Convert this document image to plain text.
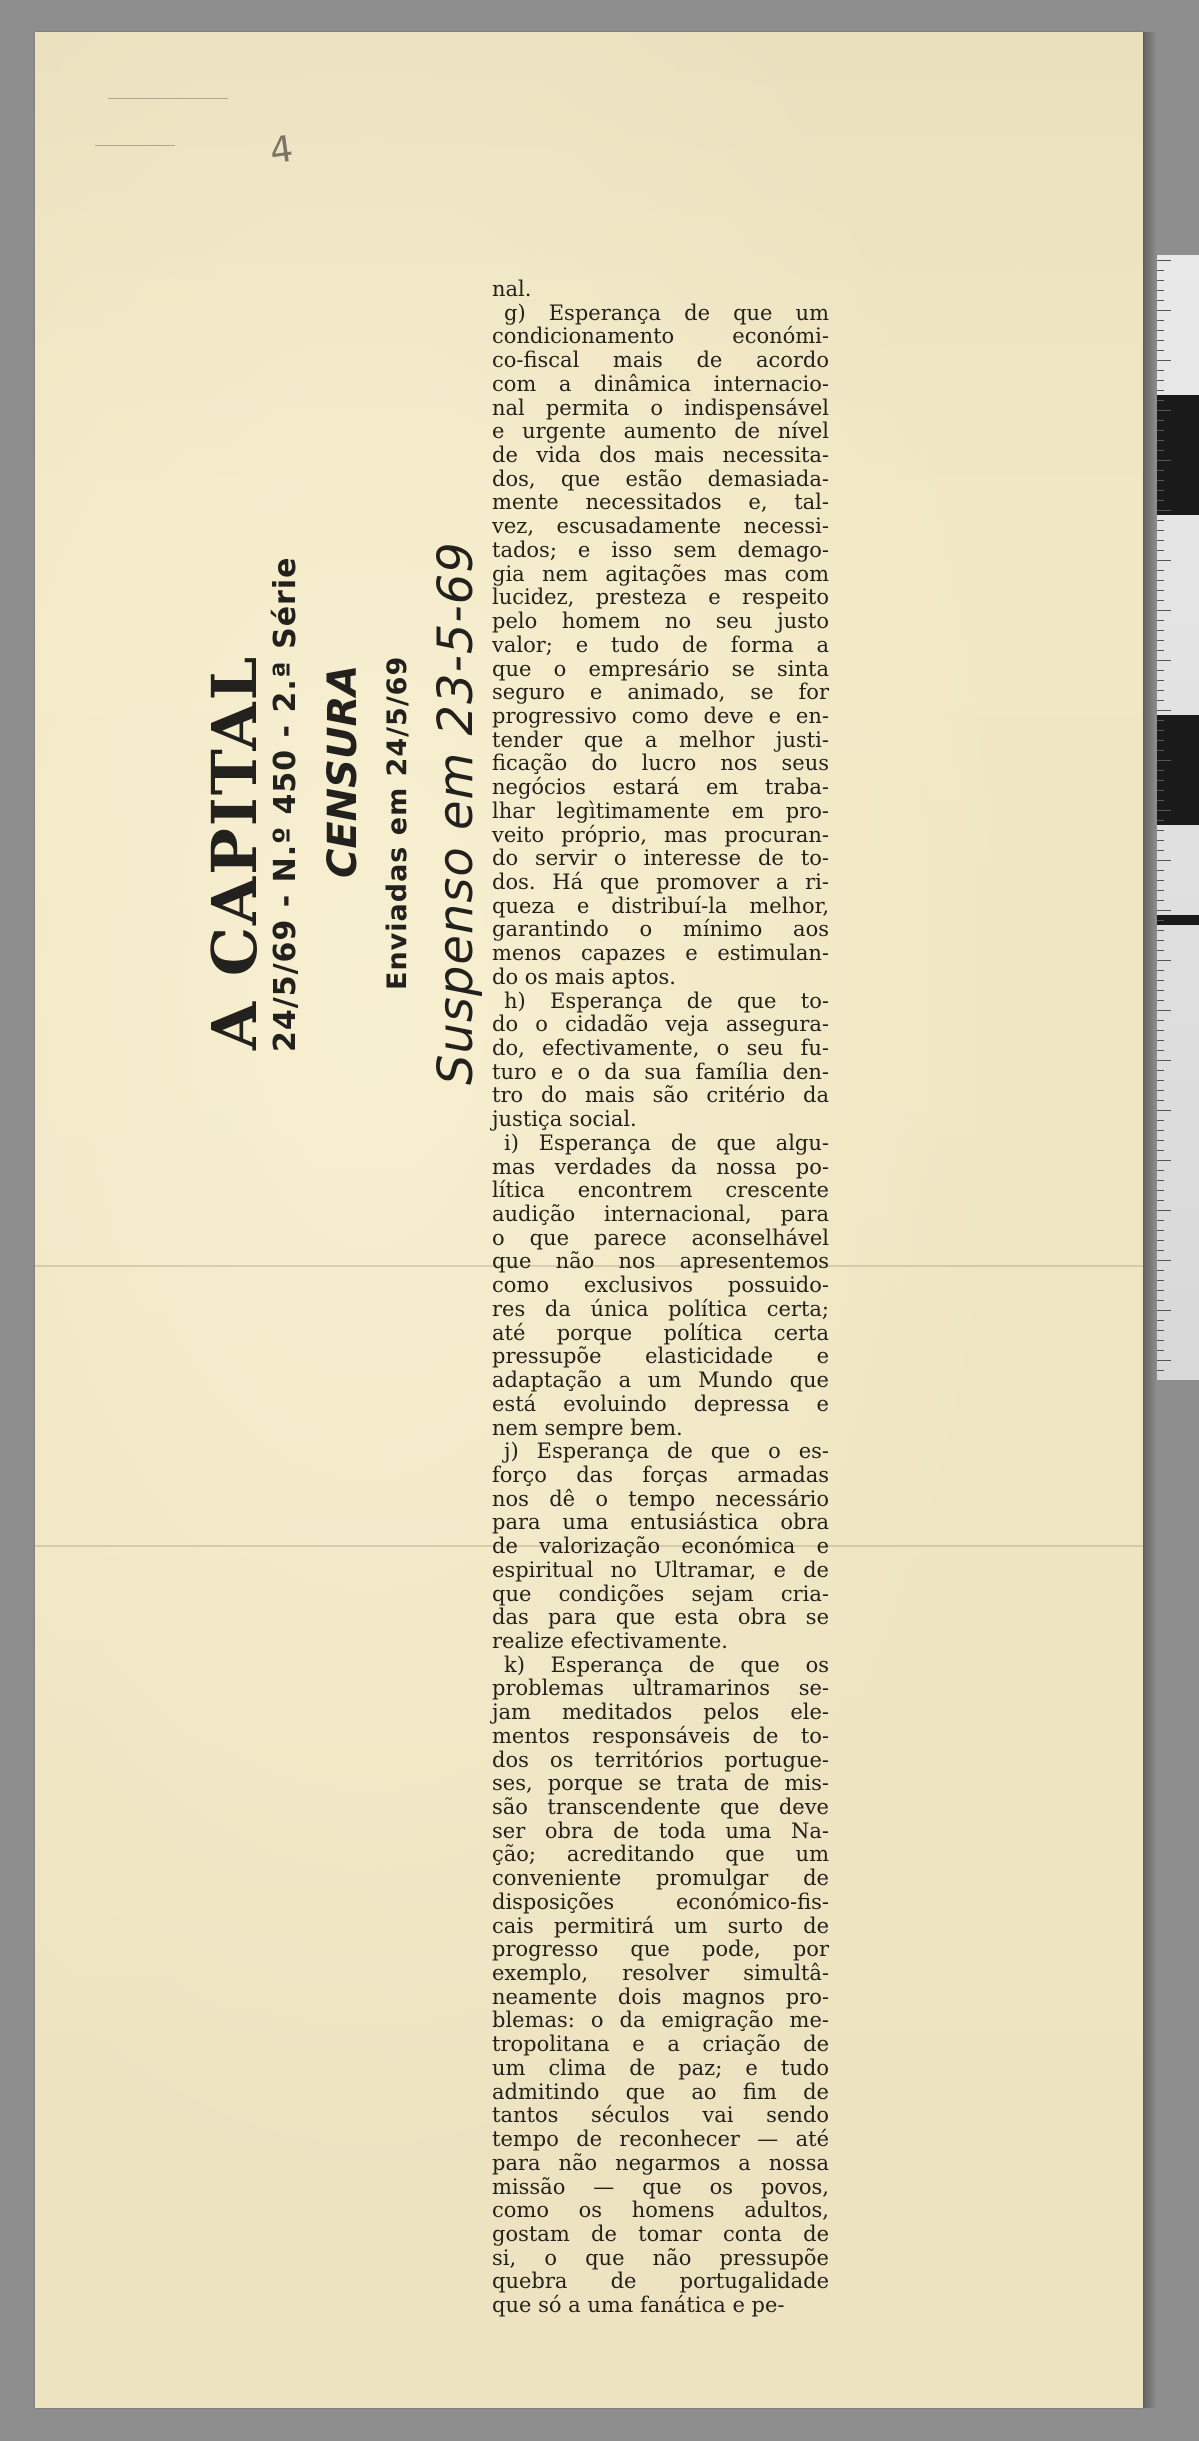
4
A CAPITAL
24/5/69 - N.º 450 - 2.ª Série CENSURA Enviadas em 24/5/69 Suspenso em 23-5-69
nal.
g) Esperança de que um
condicionamento económi-
co-fiscal mais de acordo
com a dinâmica internacio-
nal permita o indispensável
e urgente aumento de nível
de vida dos mais necessita-
dos, que estão demasiada-
mente necessitados e, tal-
vez, escusadamente necessi-
tados; e isso sem demago-
gia nem agitações mas com
lucidez, presteza e respeito
pelo homem no seu justo
valor; e tudo de forma a
que o empresário se sinta
seguro e animado, se for
progressivo como deve e en-
tender que a melhor justi-
ficação do lucro nos seus
negócios estará em traba-
lhar legìtimamente em pro-
veito próprio, mas procuran-
do servir o interesse de to-
dos. Há que promover a ri-
queza e distribuí-la melhor,
garantindo o mínimo aos
menos capazes e estimulan-
do os mais aptos.
h) Esperança de que to-
do o cidadão veja assegura-
do, efectivamente, o seu fu-
turo e o da sua família den-
tro do mais são critério da
justiça social.
i) Esperança de que algu-
mas verdades da nossa po-
lítica encontrem crescente
audição internacional, para
o que parece aconselhável
que não nos apresentemos
como exclusivos possuido-
res da única política certa;
até porque política certa
pressupõe elasticidade e
adaptação a um Mundo que
está evoluindo depressa e
nem sempre bem.
j) Esperança de que o es-
forço das forças armadas
nos dê o tempo necessário
para uma entusiástica obra
de valorização económica e
espiritual no Ultramar, e de
que condições sejam cria-
das para que esta obra se
realize efectivamente.
k) Esperança de que os
problemas ultramarinos se-
jam meditados pelos ele-
mentos responsáveis de to-
dos os territórios portugue-
ses, porque se trata de mis-
são transcendente que deve
ser obra de toda uma Na-
ção; acreditando que um
conveniente promulgar de
disposições económico-fis-
cais permitirá um surto de
progresso que pode, por
exemplo, resolver simultâ-
neamente dois magnos pro-
blemas: o da emigração me-
tropolitana e a criação de
um clima de paz; e tudo
admitindo que ao fim de
tantos séculos vai sendo
tempo de reconhecer — até
para não negarmos a nossa
missão — que os povos,
como os homens adultos,
gostam de tomar conta de
si, o que não pressupõe
quebra de portugalidade
que só a uma fanática e pe-
